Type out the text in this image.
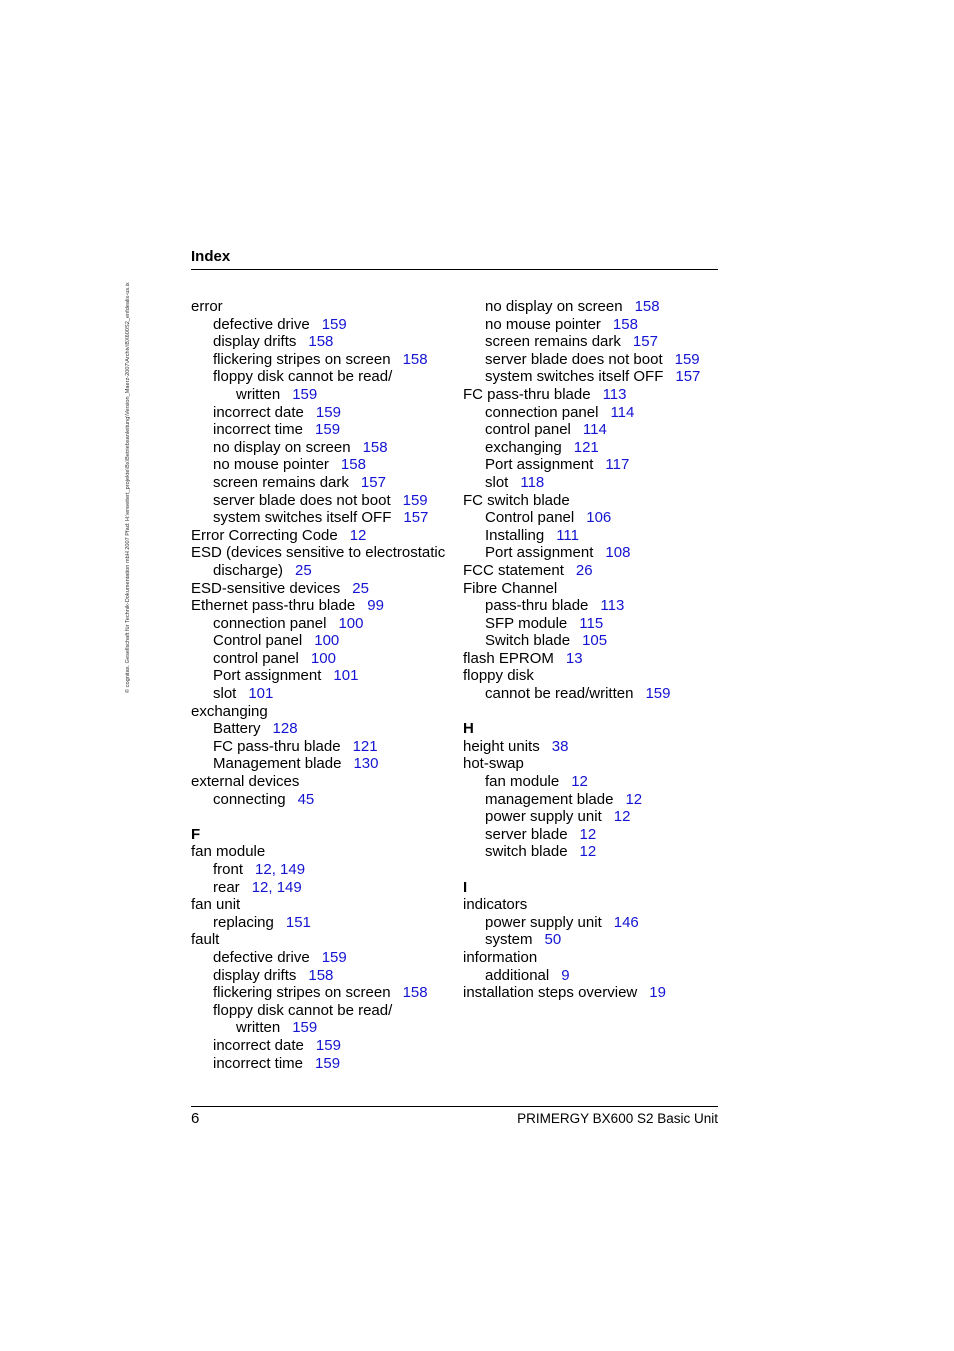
© cognitas. Gesellschaft für Technik-Dokumentation mbH 2007 Pfad: H:\erweitert_projekte\Bx\Betriebsanleitung\Version_Maerz-2007\Archiv\BX600S2_enfdealix-us.ix
Index
error
defective drive 159
display drifts 158
flickering stripes on screen 158
floppy disk cannot be read/
written 159
incorrect date 159
incorrect time 159
no display on screen 158
no mouse pointer 158
screen remains dark 157
server blade does not boot 159
system switches itself OFF 157
Error Correcting Code 12
ESD (devices sensitive to electrostatic
discharge) 25
ESD-sensitive devices 25
Ethernet pass-thru blade 99
connection panel 100
Control panel 100
control panel 100
Port assignment 101
slot 101
exchanging
Battery 128
FC pass-thru blade 121
Management blade 130
external devices
connecting 45
F
fan module
front 12, 149
rear 12, 149
fan unit
replacing 151
fault
defective drive 159
display drifts 158
flickering stripes on screen 158
floppy disk cannot be read/
written 159
incorrect date 159
incorrect time 159
no display on screen 158
no mouse pointer 158
screen remains dark 157
server blade does not boot 159
system switches itself OFF 157
FC pass-thru blade 113
connection panel 114
control panel 114
exchanging 121
Port assignment 117
slot 118
FC switch blade
Control panel 106
Installing 111
Port assignment 108
FCC statement 26
Fibre Channel
pass-thru blade 113
SFP module 115
Switch blade 105
flash EPROM 13
floppy disk
cannot be read/written 159
H
height units 38
hot-swap
fan module 12
management blade 12
power supply unit 12
server blade 12
switch blade 12
I
indicators
power supply unit 146
system 50
information
additional 9
installation steps overview 19
6	PRIMERGY BX600 S2 Basic Unit
